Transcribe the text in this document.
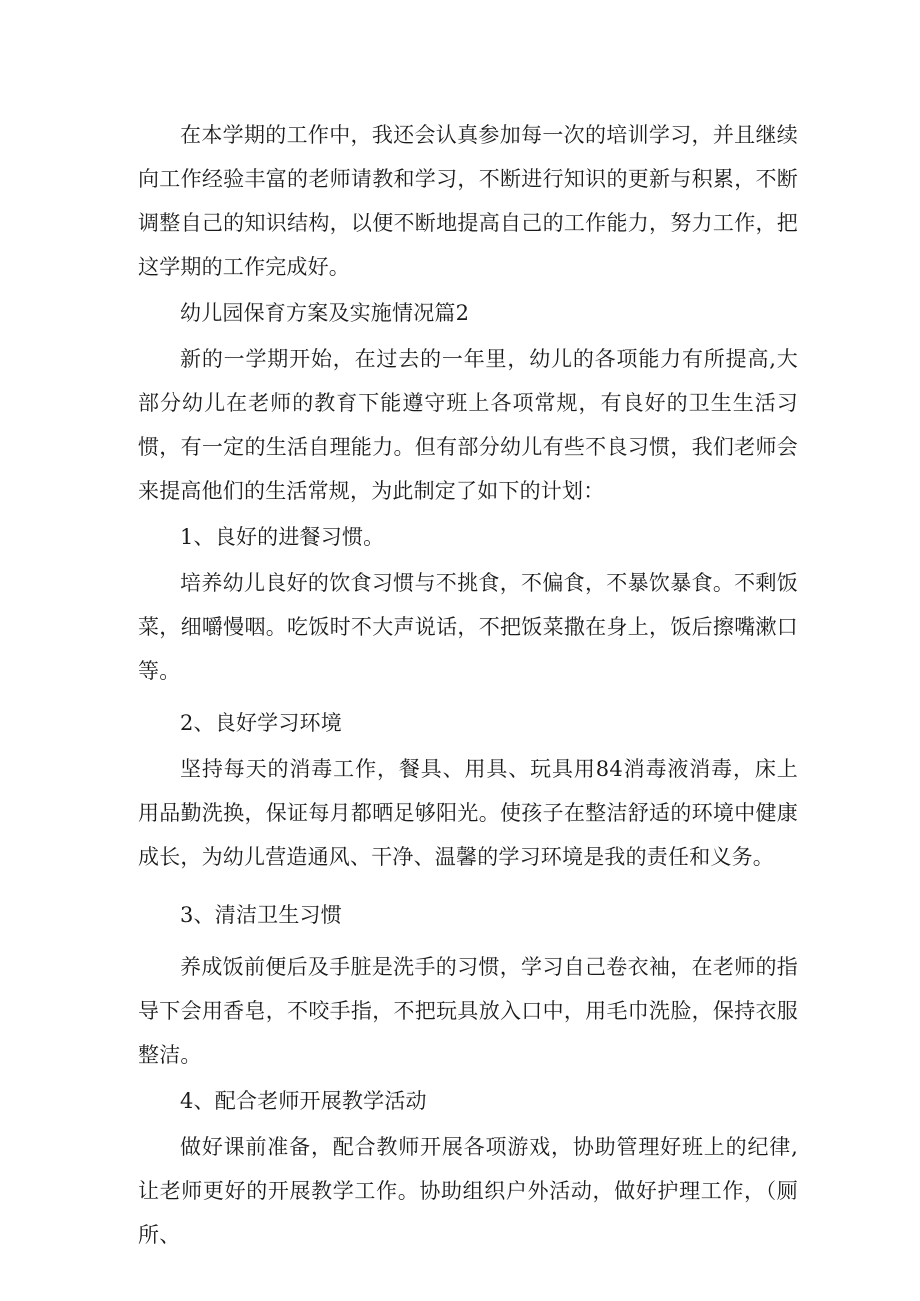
在本学期的工作中，我还会认真参加每一次的培训学习，并且继续向工作经验丰富的老师请教和学习，不断进行知识的更新与积累，不断调整自己的知识结构，以便不断地提高自己的工作能力，努力工作，把这学期的工作完成好。

幼儿园保育方案及实施情况篇2

新的一学期开始，在过去的一年里，幼儿的各项能力有所提高,大部分幼儿在老师的教育下能遵守班上各项常规，有良好的卫生生活习惯，有一定的生活自理能力。但有部分幼儿有些不良习惯，我们老师会来提高他们的生活常规，为此制定了如下的计划：

1、良好的进餐习惯。

培养幼儿良好的饮食习惯与不挑食，不偏食，不暴饮暴食。不剩饭菜，细嚼慢咽。吃饭时不大声说话，不把饭菜撒在身上，饭后擦嘴漱口等。

2、良好学习环境

坚持每天的消毒工作，餐具、用具、玩具用84消毒液消毒，床上用品勤洗换，保证每月都晒足够阳光。使孩子在整洁舒适的环境中健康成长，为幼儿营造通风、干净、温馨的学习环境是我的责任和义务。

3、清洁卫生习惯

养成饭前便后及手脏是洗手的习惯，学习自己卷衣袖，在老师的指导下会用香皂，不咬手指，不把玩具放入口中，用毛巾洗脸，保持衣服整洁。

4、配合老师开展教学活动

做好课前准备，配合教师开展各项游戏，协助管理好班上的纪律,让老师更好的开展教学工作。协助组织户外活动，做好护理工作，（厕所、
